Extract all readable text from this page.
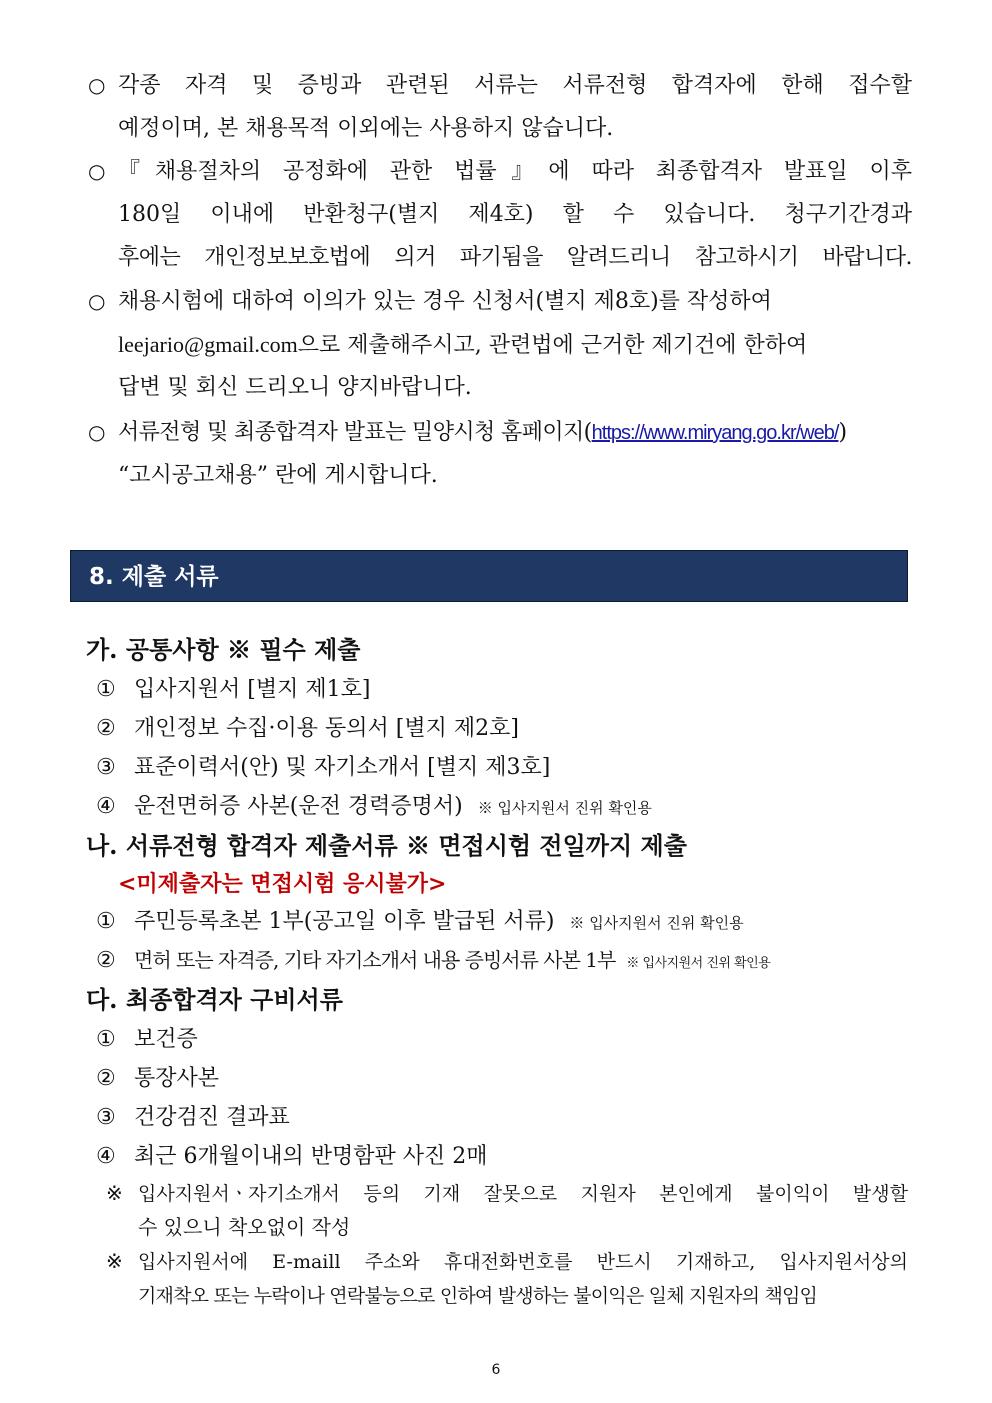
○ 각종 자격 및 증빙과 관련된 서류는 서류전형 합격자에 한해 접수할
예정이며, 본 채용목적 이외에는 사용하지 않습니다.
○ 『채용절차의 공정화에 관한 법률』에 따라 최종합격자 발표일 이후
180일 이내에 반환청구(별지 제4호) 할 수 있습니다. 청구기간경과
후에는 개인정보보호법에 의거 파기됨을 알려드리니 참고하시기 바랍니다.
○ 채용시험에 대하여 이의가 있는 경우 신청서(별지 제8호)를 작성하여
leejario@gmail.com으로 제출해주시고, 관련법에 근거한 제기건에 한하여
답변 및 회신 드리오니 양지바랍니다.
○ 서류전형 및 최종합격자 발표는 밀양시청 홈페이지(https://www.miryang.go.kr/web/)
“고시공고채용” 란에 게시합니다.
8. 제출 서류
가. 공통사항 ※ 필수 제출
① 입사지원서 [별지 제1호]
② 개인정보 수집·이용 동의서 [별지 제2호]
③ 표준이력서(안) 및 자기소개서 [별지 제3호]
④ 운전면허증 사본(운전 경력증명서) ※ 입사지원서 진위 확인용
나. 서류전형 합격자 제출서류 ※ 면접시험 전일까지 제출
<미제출자는 면접시험 응시불가>
① 주민등록초본 1부(공고일 이후 발급된 서류) ※ 입사지원서 진위 확인용
② 면허 또는 자격증, 기타 자기소개서 내용 증빙서류 사본 1부 ※ 입사지원서 진위 확인용
다. 최종합격자 구비서류
① 보건증
② 통장사본
③ 건강검진 결과표
④ 최근 6개월이내의 반명함판 사진 2매
※ 입사지원서ㆍ자기소개서 등의 기재 잘못으로 지원자 본인에게 불이익이 발생할
수 있으니 착오없이 작성
※ 입사지원서에 E-maill 주소와 휴대전화번호를 반드시 기재하고, 입사지원서상의
기재착오 또는 누락이나 연락불능으로 인하여 발생하는 불이익은 일체 지원자의 책임임
6
